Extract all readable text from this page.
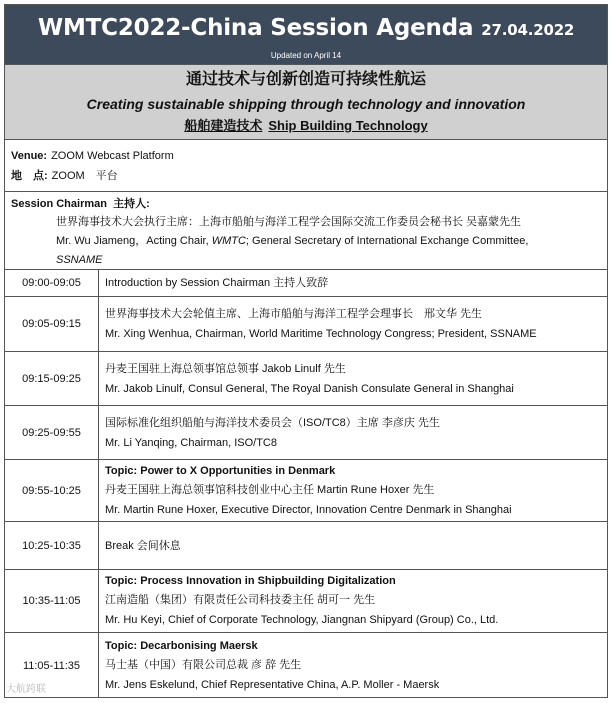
WMTC2022-China Session Agenda 27.04.2022
Updated on April 14
通过技术与创新创造可持续性航运
Creating sustainable shipping through technology and innovation
船舶建造技术 Ship Building Technology
Venue: ZOOM Webcast Platform
地　点: ZOOM　平台
Session Chairman 主持人:
世界海事技术大会执行主席：上海市船舶与海洋工程学会国际交流工作委员会秘书长 吴嘉蒙先生
Mr. Wu Jiameng，Acting Chair, WMTC; General Secretary of International Exchange Committee,
SSNAME
09:00-09:05	Introduction by Session Chairman 主持人致辞
09:05-09:15
世界海事技术大会轮值主席、上海市船舶与海洋工程学会理事长　邢文华 先生
Mr. Xing Wenhua, Chairman, World Maritime Technology Congress; President, SSNAME
09:15-09:25
丹麦王国驻上海总领事馆总领事 Jakob Linulf 先生
Mr. Jakob Linulf, Consul General, The Royal Danish Consulate General in Shanghai
09:25-09:55
国际标准化组织船舶与海洋技术委员会（ISO/TC8）主席 李彦庆 先生
Mr. Li Yanqing, Chairman, ISO/TC8
09:55-10:25
Topic: Power to X Opportunities in Denmark
丹麦王国驻上海总领事馆科技创业中心主任 Martin Rune Hoxer 先生
Mr. Martin Rune Hoxer, Executive Director, Innovation Centre Denmark in Shanghai
10:25-10:35	Break 会间休息
10:35-11:05
Topic: Process Innovation in Shipbuilding Digitalization
江南造船（集团）有限责任公司科技委主任 胡可一 先生
Mr. Hu Keyi, Chief of Corporate Technology, Jiangnan Shipyard (Group) Co., Ltd.
11:05-11:35
Topic: Decarbonising Maersk
马士基（中国）有限公司总裁 彦 辞 先生
Mr. Jens Eskelund, Chief Representative China, A.P. Moller - Maersk
大航跨联
